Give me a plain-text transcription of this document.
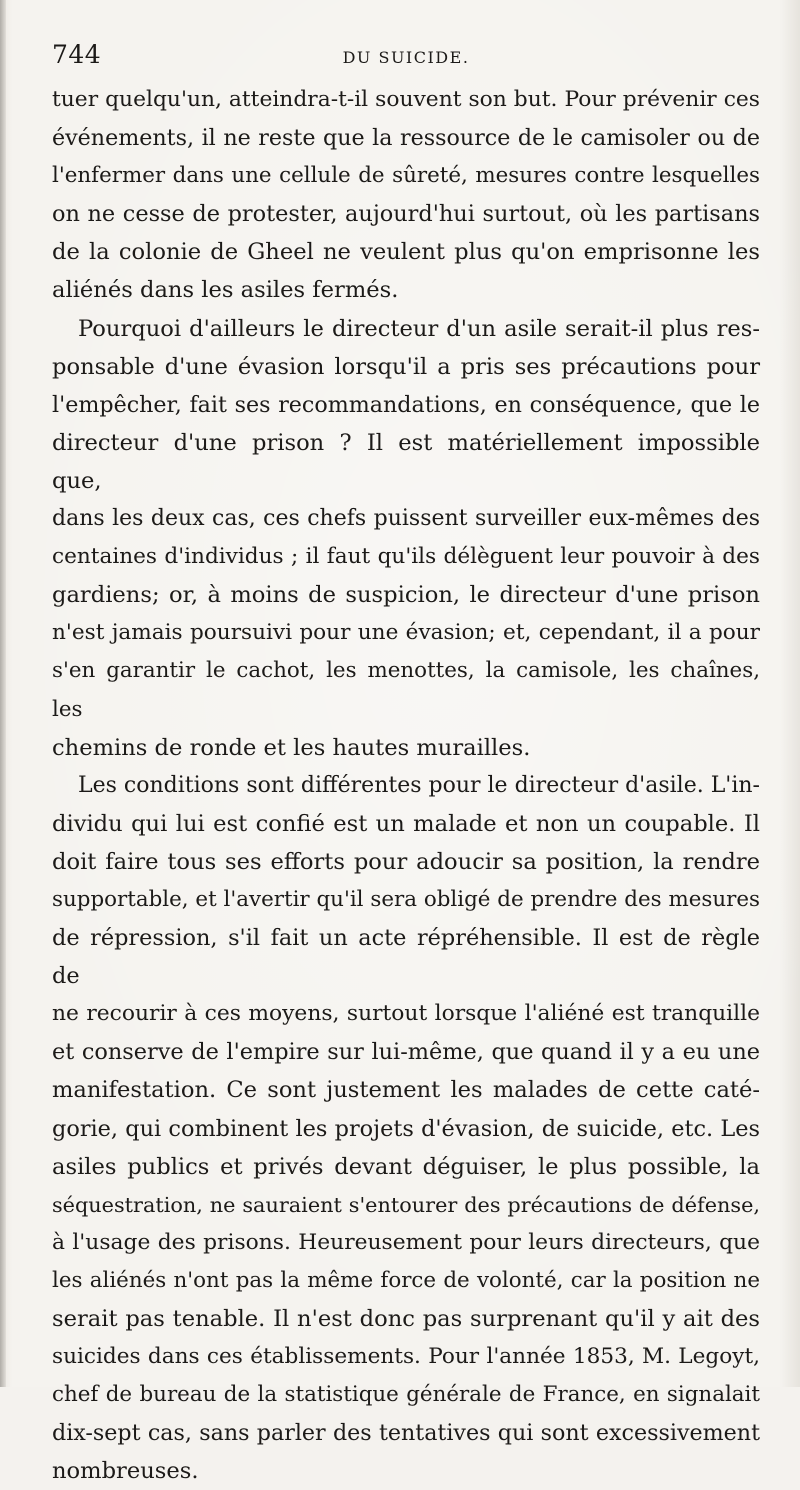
744	DU SUICIDE.

tuer quelqu'un, atteindra-t-il souvent son but. Pour prévenir ces
événements, il ne reste que la ressource de le camisoler ou de
l'enfermer dans une cellule de sûreté, mesures contre lesquelles
on ne cesse de protester, aujourd'hui surtout, où les partisans
de la colonie de Gheel ne veulent plus qu'on emprisonne les
aliénés dans les asiles fermés.

Pourquoi d'ailleurs le directeur d'un asile serait-il plus res-
ponsable d'une évasion lorsqu'il a pris ses précautions pour
l'empêcher, fait ses recommandations, en conséquence, que le
directeur d'une prison ? Il est matériellement impossible que,
dans les deux cas, ces chefs puissent surveiller eux-mêmes des
centaines d'individus ; il faut qu'ils délèguent leur pouvoir à des
gardiens; or, à moins de suspicion, le directeur d'une prison
n'est jamais poursuivi pour une évasion; et, cependant, il a pour
s'en garantir le cachot, les menottes, la camisole, les chaînes, les
chemins de ronde et les hautes murailles.

Les conditions sont différentes pour le directeur d'asile. L'in-
dividu qui lui est confié est un malade et non un coupable. Il
doit faire tous ses efforts pour adoucir sa position, la rendre
supportable, et l'avertir qu'il sera obligé de prendre des mesures
de répression, s'il fait un acte répréhensible. Il est de règle de
ne recourir à ces moyens, surtout lorsque l'aliéné est tranquille
et conserve de l'empire sur lui-même, que quand il y a eu une
manifestation. Ce sont justement les malades de cette caté-
gorie, qui combinent les projets d'évasion, de suicide, etc. Les
asiles publics et privés devant déguiser, le plus possible, la
séquestration, ne sauraient s'entourer des précautions de défense,
à l'usage des prisons. Heureusement pour leurs directeurs, que
les aliénés n'ont pas la même force de volonté, car la position ne
serait pas tenable. Il n'est donc pas surprenant qu'il y ait des
suicides dans ces établissements. Pour l'année 1853, M. Legoyt,
chef de bureau de la statistique générale de France, en signalait
dix-sept cas, sans parler des tentatives qui sont excessivement
nombreuses.
